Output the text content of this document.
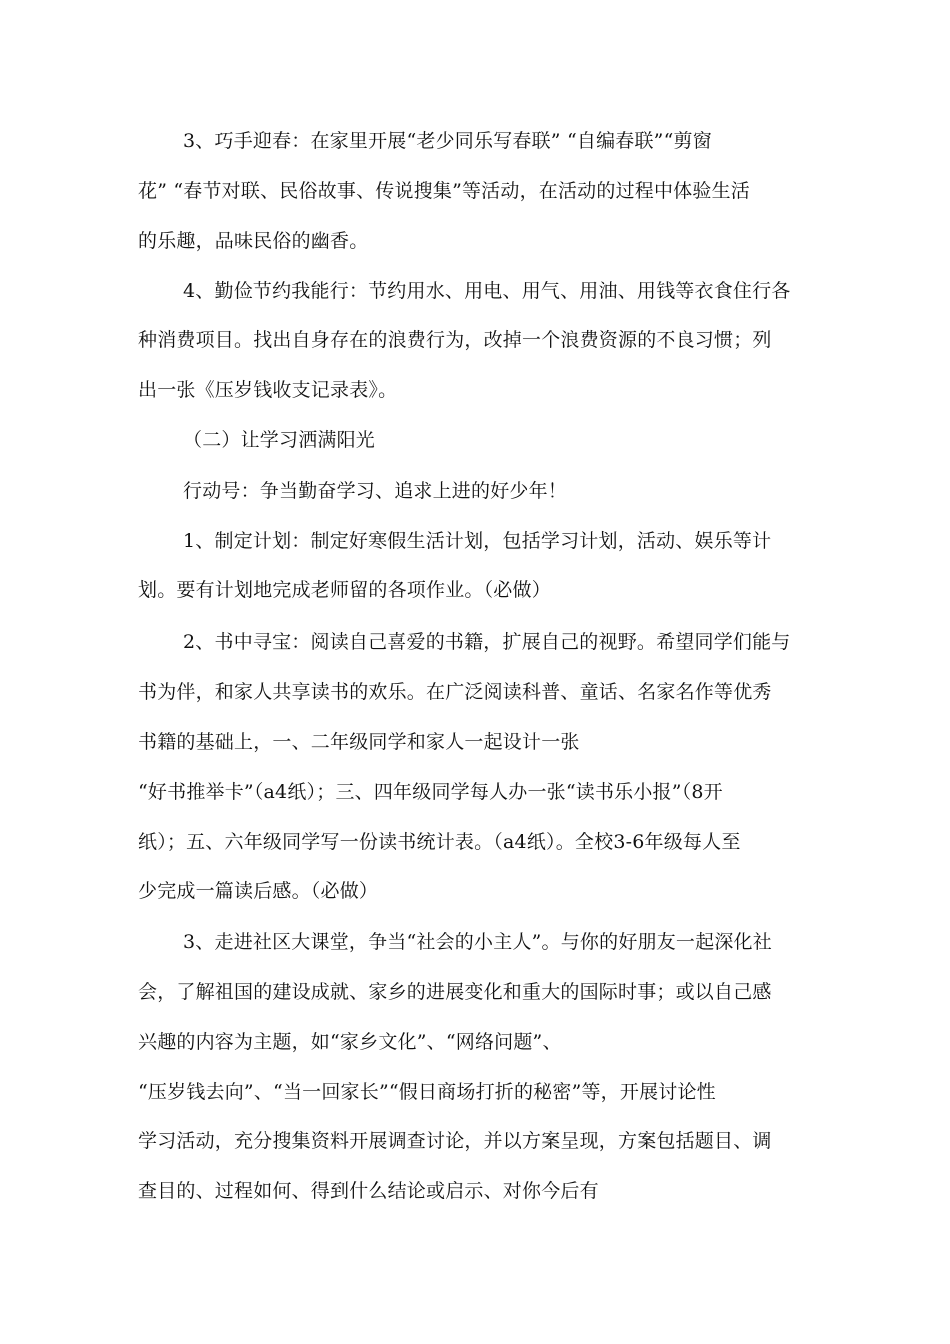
3、巧手迎春：在家里开展“老少同乐写春联” “自编春联”“剪窗
花” “春节对联、民俗故事、传说搜集”等活动，在活动的过程中体验生活
的乐趣，品味民俗的幽香。
4、勤俭节约我能行：节约用水、用电、用气、用油、用钱等衣食住行各
种消费项目。找出自身存在的浪费行为，改掉一个浪费资源的不良习惯；列
出一张《压岁钱收支记录表》。
（二）让学习洒满阳光
行动号：争当勤奋学习、追求上进的好少年！
1、制定计划：制定好寒假生活计划，包括学习计划，活动、娱乐等计
划。要有计划地完成老师留的各项作业。（必做）
2、书中寻宝：阅读自己喜爱的书籍，扩展自己的视野。希望同学们能与
书为伴，和家人共享读书的欢乐。在广泛阅读科普、童话、名家名作等优秀
书籍的基础上，一、二年级同学和家人一起设计一张
“好书推举卡”（a4纸）；三、四年级同学每人办一张“读书乐小报”（8开
纸）；五、六年级同学写一份读书统计表。（a4纸）。全校3-6年级每人至
少完成一篇读后感。（必做）
3、走进社区大课堂，争当“社会的小主人”。与你的好朋友一起深化社
会，了解祖国的建设成就、家乡的进展变化和重大的国际时事；或以自己感
兴趣的内容为主题，如“家乡文化”、“网络问题”、
“压岁钱去向”、“当一回家长”“假日商场打折的秘密”等，开展讨论性
学习活动，充分搜集资料开展调查讨论，并以方案呈现，方案包括题目、调
查目的、过程如何、得到什么结论或启示、对你今后有
